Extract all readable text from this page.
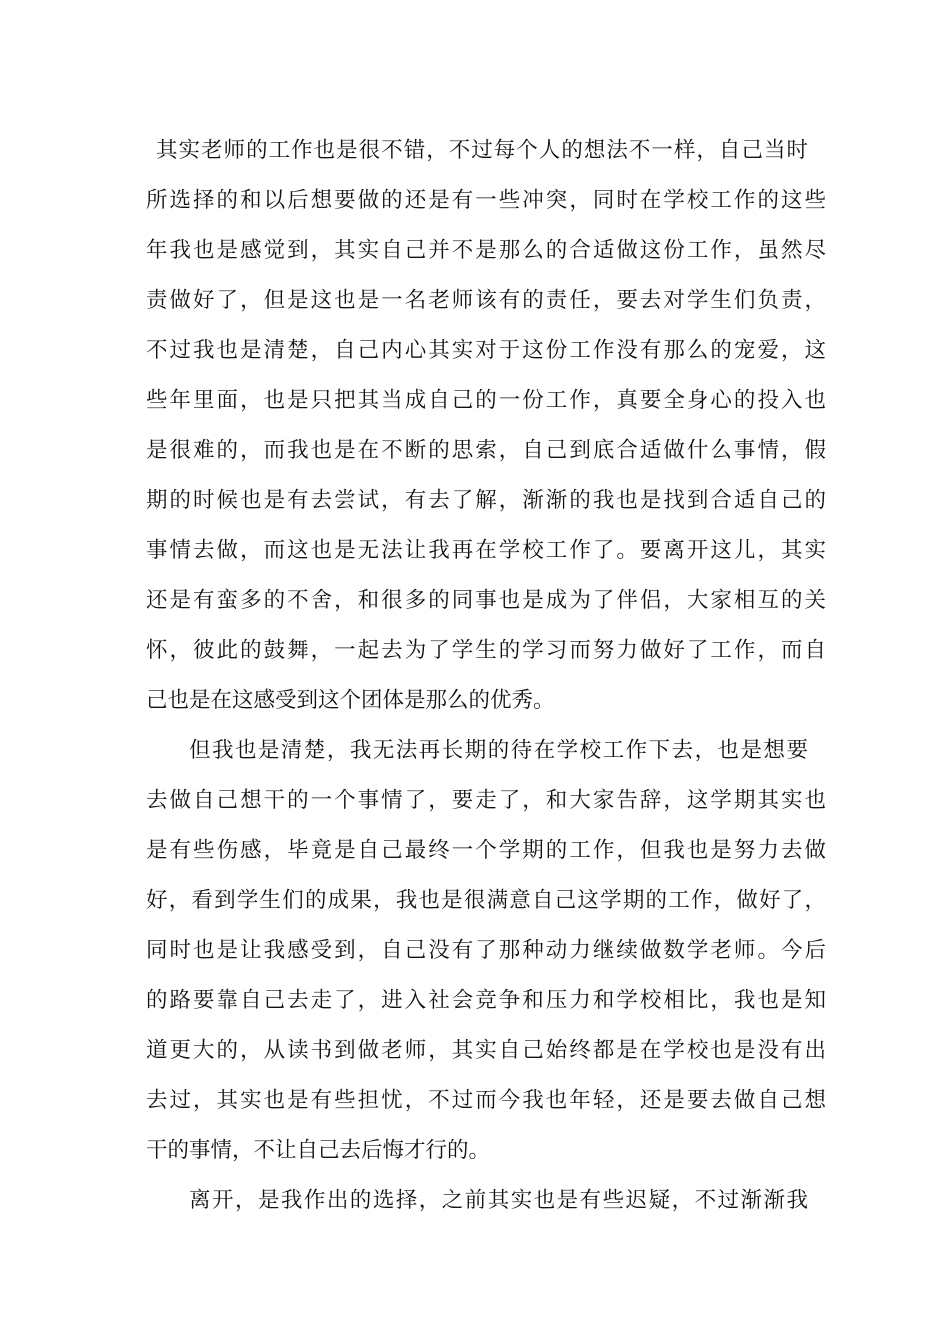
其实老师的工作也是很不错，不过每个人的想法不一样，自己当时
所选择的和以后想要做的还是有一些冲突，同时在学校工作的这些
年我也是感觉到，其实自己并不是那么的合适做这份工作，虽然尽
责做好了，但是这也是一名老师该有的责任，要去对学生们负责，
不过我也是清楚，自己内心其实对于这份工作没有那么的宠爱，这
些年里面，也是只把其当成自己的一份工作，真要全身心的投入也
是很难的，而我也是在不断的思索，自己到底合适做什么事情，假
期的时候也是有去尝试，有去了解，渐渐的我也是找到合适自己的
事情去做，而这也是无法让我再在学校工作了。要离开这儿，其实
还是有蛮多的不舍，和很多的同事也是成为了伴侣，大家相互的关
怀，彼此的鼓舞，一起去为了学生的学习而努力做好了工作，而自
己也是在这感受到这个团体是那么的优秀。
但我也是清楚，我无法再长期的待在学校工作下去，也是想要
去做自己想干的一个事情了，要走了，和大家告辞，这学期其实也
是有些伤感，毕竟是自己最终一个学期的工作，但我也是努力去做
好，看到学生们的成果，我也是很满意自己这学期的工作，做好了，
同时也是让我感受到，自己没有了那种动力继续做数学老师。今后
的路要靠自己去走了，进入社会竞争和压力和学校相比，我也是知
道更大的，从读书到做老师，其实自己始终都是在学校也是没有出
去过，其实也是有些担忧，不过而今我也年轻，还是要去做自己想
干的事情，不让自己去后悔才行的。
离开，是我作出的选择，之前其实也是有些迟疑，不过渐渐我
